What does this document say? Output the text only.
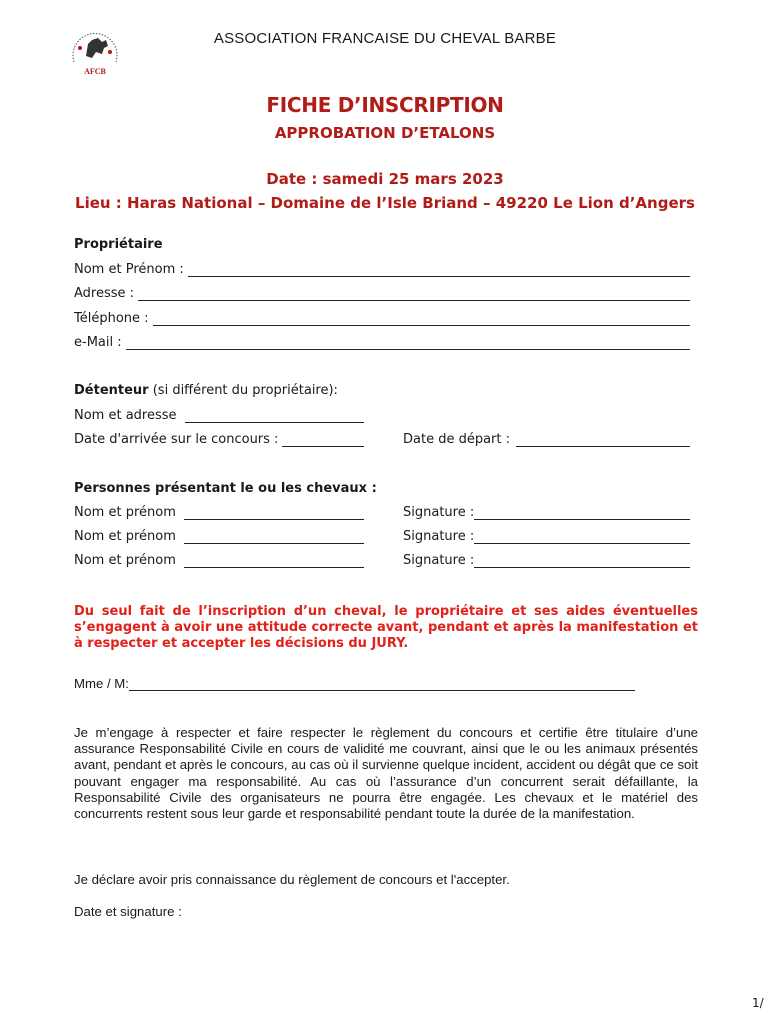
ASSOCIATION FRANCAISE DU CHEVAL BARBE
AFCB
FICHE D’INSCRIPTION
APPROBATION D’ETALONS
Date : samedi 25 mars 2023
Lieu : Haras National – Domaine de l’Isle Briand – 49220 Le Lion d’Angers
Propriétaire
Nom et Prénom :
Adresse :
Téléphone :
e-Mail :
Détenteur (si différent du propriétaire):
Nom et adresse
Date d'arrivée sur le concours :	Date de départ :
Personnes présentant le ou les chevaux :
Nom et prénom	Signature :
Nom et prénom	Signature :
Nom et prénom	Signature :
Du seul fait de l’inscription d’un cheval, le propriétaire et ses aides éventuelles s’engagent à avoir une attitude correcte avant, pendant et après la manifestation et à respecter et accepter les décisions du JURY.
Mme / M:
Je m’engage à respecter et faire respecter le règlement du concours et certifie être titulaire d’une assurance Responsabilité Civile en cours de validité me couvrant, ainsi que le ou les animaux présentés avant, pendant et après le concours, au cas où il survienne quelque incident, accident ou dégât que ce soit pouvant engager ma responsabilité. Au cas où l’assurance d’un concurrent serait défaillante, la Responsabilité Civile des organisateurs ne pourra être engagée. Les chevaux et le matériel des concurrents restent sous leur garde et responsabilité pendant toute la durée de la manifestation.
Je déclare avoir pris connaissance du règlement de concours et l'accepter.
Date et signature :
1/
